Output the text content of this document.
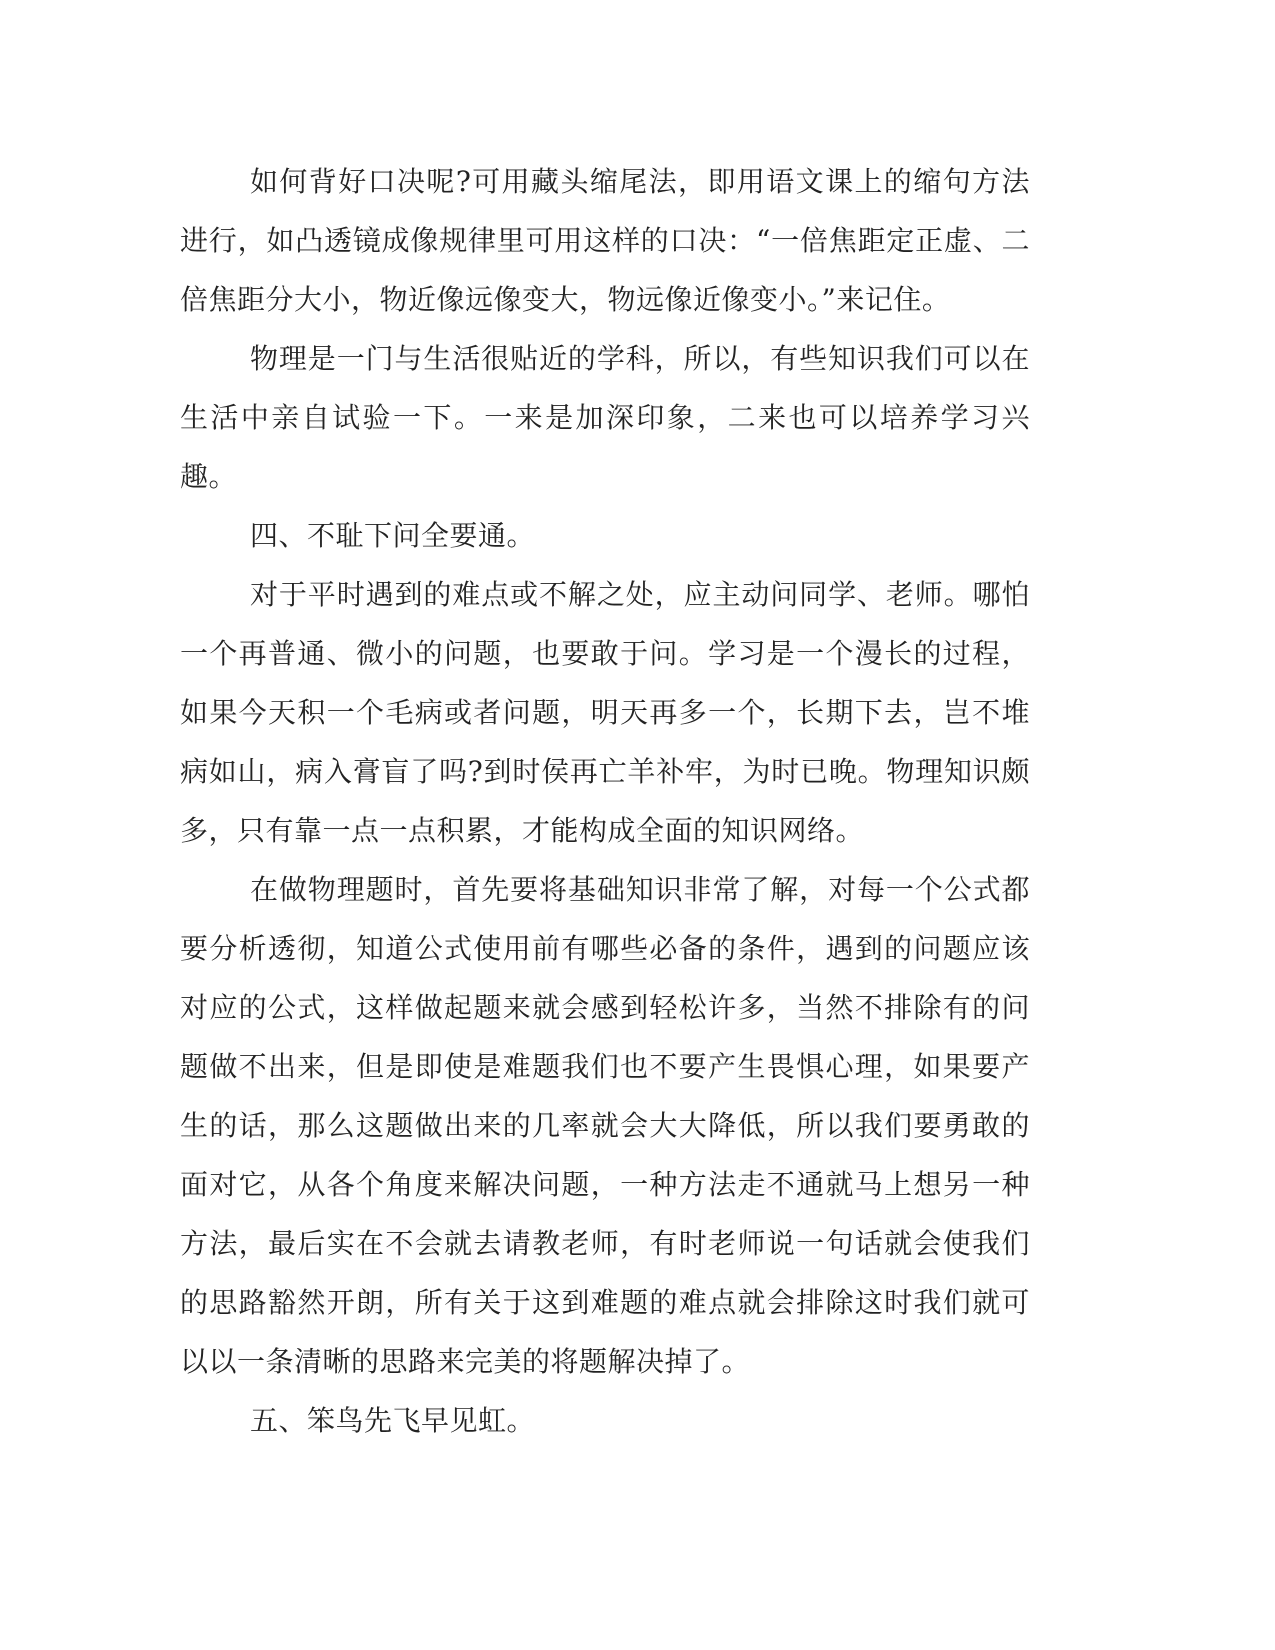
如何背好口决呢?可用藏头缩尾法，即用语文课上的缩句方法进行，如凸透镜成像规律里可用这样的口决：“一倍焦距定正虚、二倍焦距分大小，物近像远像变大，物远像近像变小。”来记住。

物理是一门与生活很贴近的学科，所以，有些知识我们可以在生活中亲自试验一下。一来是加深印象，二来也可以培养学习兴趣。

四、不耻下问全要通。

对于平时遇到的难点或不解之处，应主动问同学、老师。哪怕一个再普通、微小的问题，也要敢于问。学习是一个漫长的过程，如果今天积一个毛病或者问题，明天再多一个，长期下去，岂不堆病如山，病入膏盲了吗?到时侯再亡羊补牢，为时已晚。物理知识颇多，只有靠一点一点积累，才能构成全面的知识网络。

在做物理题时，首先要将基础知识非常了解，对每一个公式都要分析透彻，知道公式使用前有哪些必备的条件，遇到的问题应该对应的公式，这样做起题来就会感到轻松许多，当然不排除有的问题做不出来，但是即使是难题我们也不要产生畏惧心理，如果要产生的话，那么这题做出来的几率就会大大降低，所以我们要勇敢的面对它，从各个角度来解决问题，一种方法走不通就马上想另一种方法，最后实在不会就去请教老师，有时老师说一句话就会使我们的思路豁然开朗，所有关于这到难题的难点就会排除这时我们就可以以一条清晰的思路来完美的将题解决掉了。

五、笨鸟先飞早见虹。
